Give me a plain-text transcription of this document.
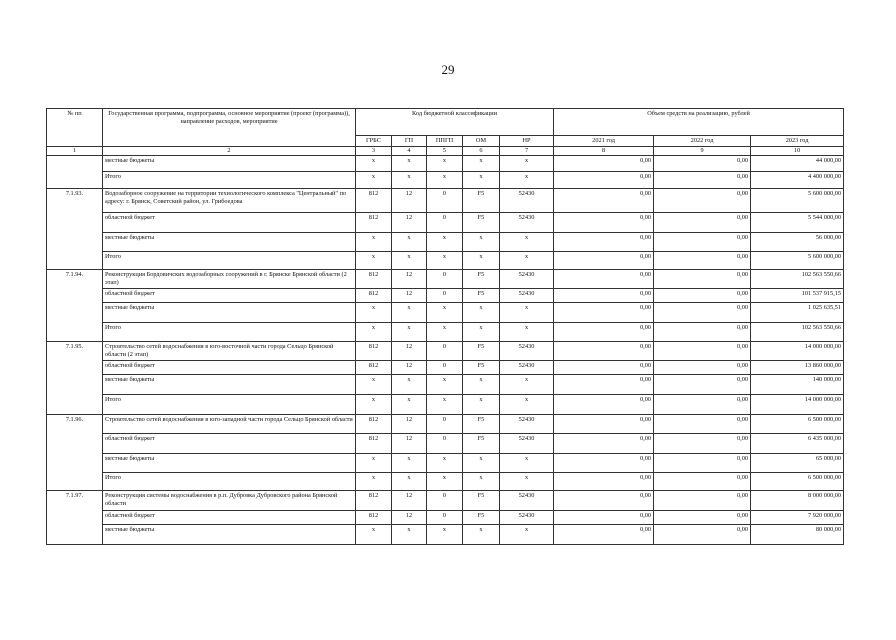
29
№ пп	Государственная программа, подпрограмма, основное мероприятие (проект (программа)), направление расходов, мероприятие	Код бюджетной классификации					Объем средств на реализацию, рублей		
		ГРБС	ГП	ППГП	ОМ	НР	2021 год	2022 год	2023 год
1	2	3	4	5	6	7	8	9	10
	местные бюджеты	x	x	x	x	x	0,00	0,00	44 000,00
	Итого	x	x	x	x	x	0,00	0,00	4 400 000,00
7.1.93.	Водозаборное сооружение на территории технологического комплекса "Центральный" по адресу: г. Брянск, Советский район, ул. Грибоедова	812	12	0	F5	52430	0,00	0,00	5 600 000,00
	областной бюджет	812	12	0	F5	52430	0,00	0,00	5 544 000,00
	местные бюджеты	x	x	x	x	x	0,00	0,00	56 000,00
	Итого	x	x	x	x	x	0,00	0,00	5 600 000,00
7.1.94.	Реконструкция Бордовичских водозаборных сооружений в г. Брянске Брянской области (2 этап)	812	12	0	F5	52430	0,00	0,00	102 563 550,66
	областной бюджет	812	12	0	F5	52430	0,00	0,00	101 537 915,15
	местные бюджеты	x	x	x	x	x	0,00	0,00	1 025 635,51
	Итого	x	x	x	x	x	0,00	0,00	102 563 550,66
7.1.95.	Строительство сетей водоснабжения в юго-восточной части города Сельцо Брянской области (2 этап)	812	12	0	F5	52430	0,00	0,00	14 000 000,00
	областной бюджет	812	12	0	F5	52430	0,00	0,00	13 860 000,00
	местные бюджеты	x	x	x	x	x	0,00	0,00	140 000,00
	Итого	x	x	x	x	x	0,00	0,00	14 000 000,00
7.1.96.	Строительство сетей водоснабжения в юго-западной части города Сельцо Брянской области	812	12	0	F5	52430	0,00	0,00	6 500 000,00
	областной бюджет	812	12	0	F5	52430	0,00	0,00	6 435 000,00
	местные бюджеты	x	x	x	x	x	0,00	0,00	65 000,00
	Итого	x	x	x	x	x	0,00	0,00	6 500 000,00
7.1.97.	Реконструкция системы водоснабжения в р.п. Дубровка Дубровского района Брянской области	812	12	0	F5	52430	0,00	0,00	8 000 000,00
	областной бюджет	812	12	0	F5	52430	0,00	0,00	7 920 000,00
	местные бюджеты	x	x	x	x	x	0,00	0,00	80 000,00
